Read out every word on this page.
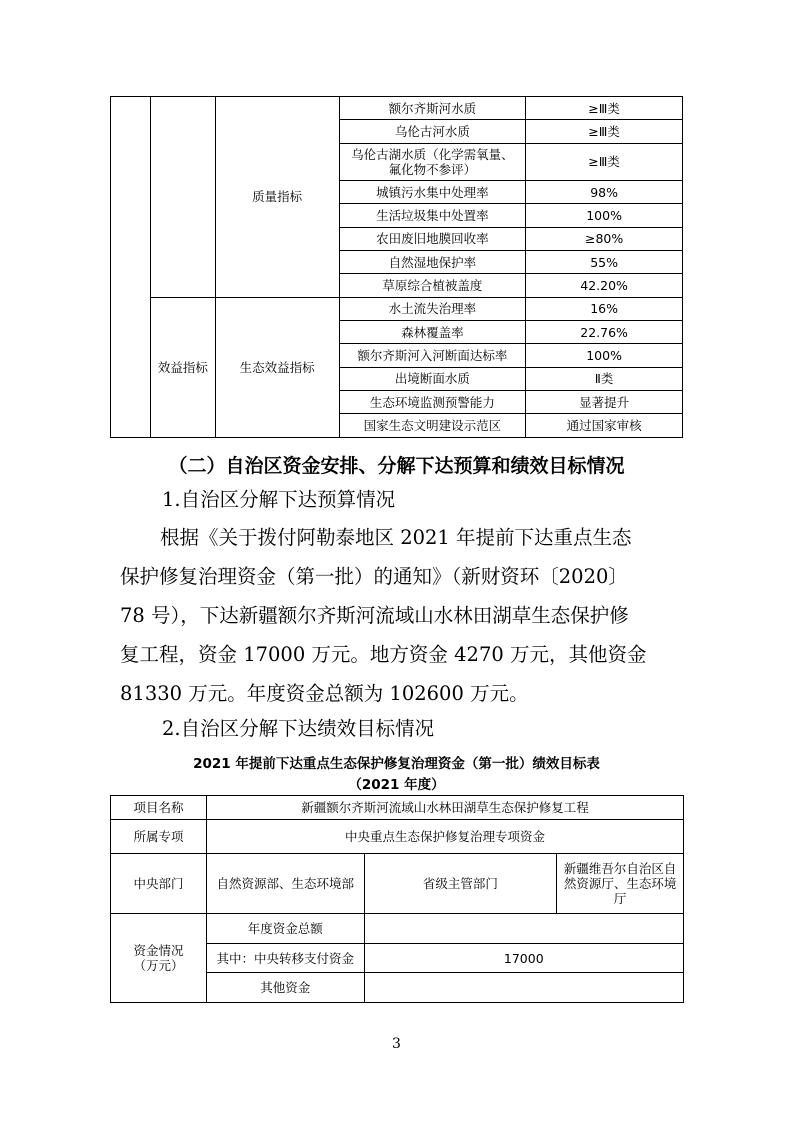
		质量指标	额尔齐斯河水质	≥Ⅲ类
			乌伦古河水质	≥Ⅲ类
			乌伦古湖水质（化学需氧量、氟化物不参评）	≥Ⅲ类
			城镇污水集中处理率	98%
			生活垃圾集中处置率	100%
			农田废旧地膜回收率	≥80%
			自然湿地保护率	55%
			草原综合植被盖度	42.20%
	效益指标	生态效益指标	水土流失治理率	16%
			森林覆盖率	22.76%
			额尔齐斯河入河断面达标率	100%
			出境断面水质	Ⅱ类
			生态环境监测预警能力	显著提升
			国家生态文明建设示范区	通过国家审核
（二）自治区资金安排、分解下达预算和绩效目标情况
1.自治区分解下达预算情况
根据《关于拨付阿勒泰地区 2021 年提前下达重点生态
保护修复治理资金（第一批）的通知》（新财资环〔2020〕
78 号），下达新疆额尔齐斯河流域山水林田湖草生态保护修
复工程，资金 17000 万元。地方资金 4270 万元，其他资金
81330 万元。年度资金总额为 102600 万元。
2.自治区分解下达绩效目标情况
2021 年提前下达重点生态保护修复治理资金（第一批）绩效目标表
（2021 年度）
项目名称	新疆额尔齐斯河流域山水林田湖草生态保护修复工程		
所属专项	中央重点生态保护修复治理专项资金		
中央部门	自然资源部、生态环境部	省级主管部门	新疆维吾尔自治区自然资源厅、生态环境厅
资金情况（万元）	年度资金总额		
	其中：中央转移支付资金	17000	
	其他资金		
3
